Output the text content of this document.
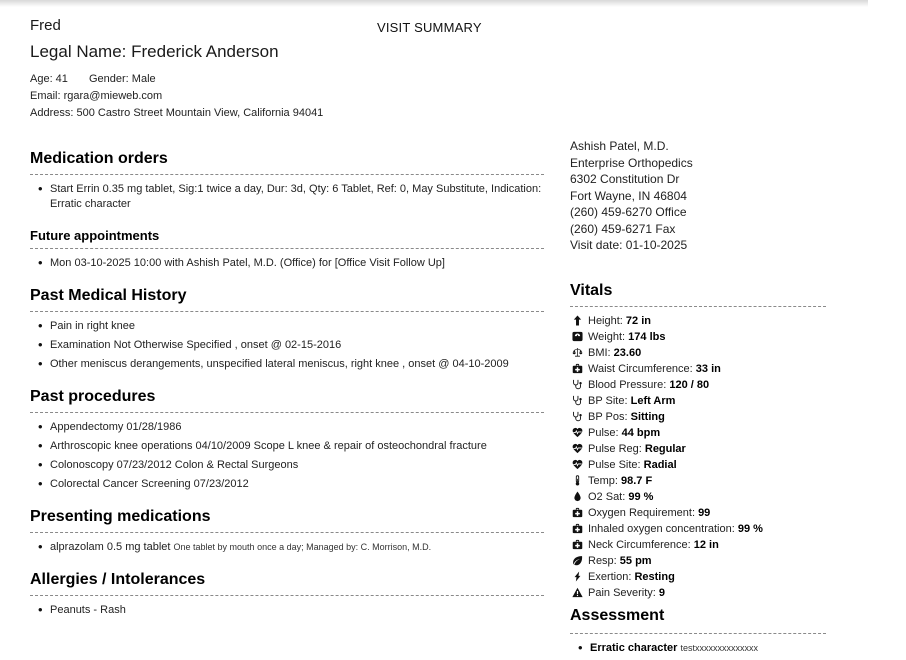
Fred
Legal Name: Frederick Anderson
Age: 41 Gender: Male
Email: rgara@mieweb.com
Address: 500 Castro Street Mountain View, California 94041
VISIT SUMMARY
Medication orders
• Start Errin 0.35 mg tablet, Sig:1 twice a day, Dur: 3d, Qty: 6 Tablet, Ref: 0, May Substitute, Indication: Erratic character
Future appointments
• Mon 03-10-2025 10:00 with Ashish Patel, M.D. (Office) for [Office Visit Follow Up]
Past Medical History
• Pain in right knee
• Examination Not Otherwise Specified , onset @ 02-15-2016
• Other meniscus derangements, unspecified lateral meniscus, right knee , onset @ 04-10-2009
Past procedures
• Appendectomy 01/28/1986
• Arthroscopic knee operations 04/10/2009 Scope L knee & repair of osteochondral fracture
• Colonoscopy 07/23/2012 Colon & Rectal Surgeons
• Colorectal Cancer Screening 07/23/2012
Presenting medications
• alprazolam 0.5 mg tablet One tablet by mouth once a day; Managed by: C. Morrison, M.D.
Allergies / Intolerances
• Peanuts - Rash
Ashish Patel, M.D.
Enterprise Orthopedics
6302 Constitution Dr
Fort Wayne, IN 46804
(260) 459-6270 Office
(260) 459-6271 Fax
Visit date: 01-10-2025
Vitals
Height: 72 in
Weight: 174 lbs
BMI: 23.60
Waist Circumference: 33 in
Blood Pressure: 120 / 80
BP Site: Left Arm
BP Pos: Sitting
Pulse: 44 bpm
Pulse Reg: Regular
Pulse Site: Radial
Temp: 98.7 F
O2 Sat: 99 %
Oxygen Requirement: 99
Inhaled oxygen concentration: 99 %
Neck Circumference: 12 in
Resp: 55 pm
Exertion: Resting
Pain Severity: 9
Assessment
• Erratic character testxxxxxxxxxxxxxx
